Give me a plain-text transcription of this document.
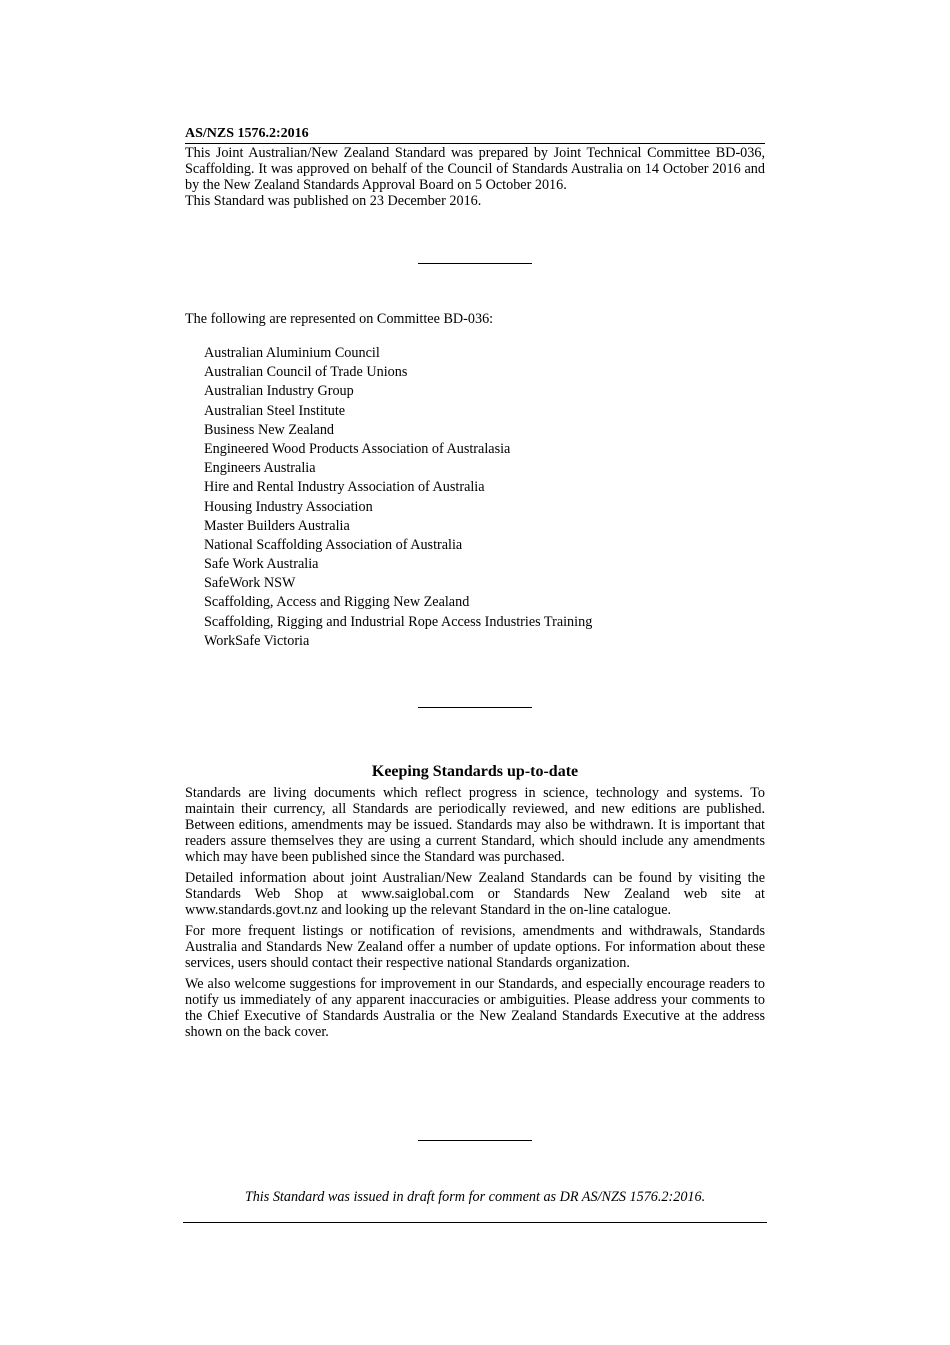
AS/NZS 1576.2:2016
This Joint Australian/New Zealand Standard was prepared by Joint Technical Committee BD-036, Scaffolding. It was approved on behalf of the Council of Standards Australia on 14 October 2016 and by the New Zealand Standards Approval Board on 5 October 2016.
This Standard was published on 23 December 2016.
The following are represented on Committee BD-036:
Australian Aluminium Council
Australian Council of Trade Unions
Australian Industry Group
Australian Steel Institute
Business New Zealand
Engineered Wood Products Association of Australasia
Engineers Australia
Hire and Rental Industry Association of Australia
Housing Industry Association
Master Builders Australia
National Scaffolding Association of Australia
Safe Work Australia
SafeWork NSW
Scaffolding, Access and Rigging New Zealand
Scaffolding, Rigging and Industrial Rope Access Industries Training
WorkSafe Victoria
Keeping Standards up-to-date

Standards are living documents which reflect progress in science, technology and systems. To maintain their currency, all Standards are periodically reviewed, and new editions are published. Between editions, amendments may be issued. Standards may also be withdrawn. It is important that readers assure themselves they are using a current Standard, which should include any amendments which may have been published since the Standard was purchased.

Detailed information about joint Australian/New Zealand Standards can be found by visiting the Standards Web Shop at www.saiglobal.com or Standards New Zealand web site at www.standards.govt.nz and looking up the relevant Standard in the on-line catalogue.

For more frequent listings or notification of revisions, amendments and withdrawals, Standards Australia and Standards New Zealand offer a number of update options. For information about these services, users should contact their respective national Standards organization.

We also welcome suggestions for improvement in our Standards, and especially encourage readers to notify us immediately of any apparent inaccuracies or ambiguities. Please address your comments to the Chief Executive of Standards Australia or the New Zealand Standards Executive at the address shown on the back cover.

This Standard was issued in draft form for comment as DR AS/NZS 1576.2:2016.
